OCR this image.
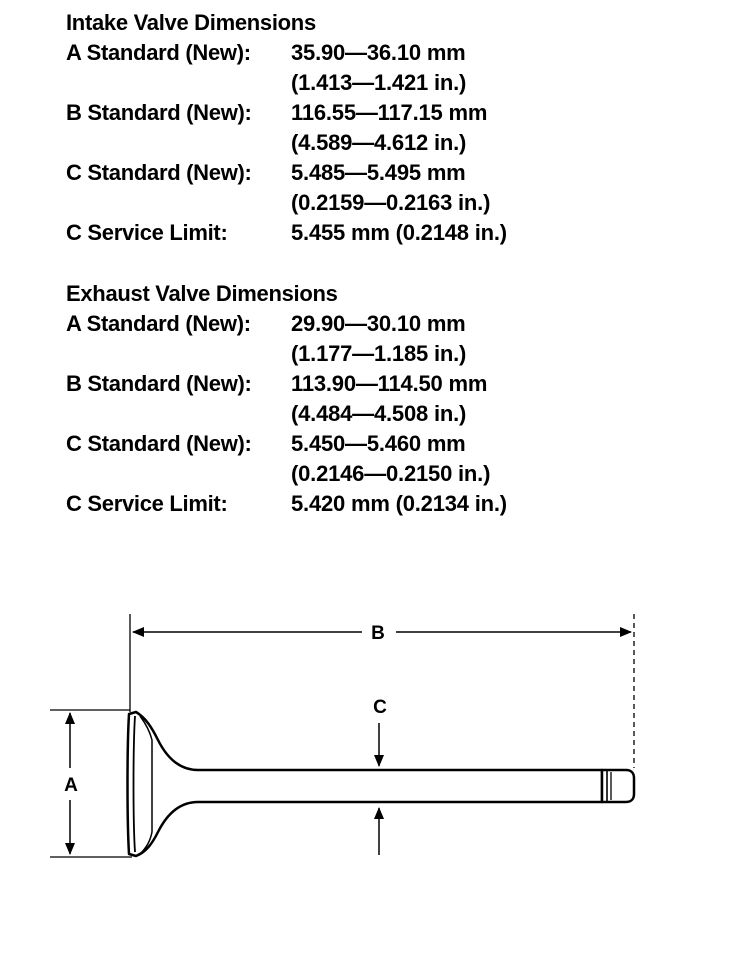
Intake Valve Dimensions
A Standard (New): 35.90—36.10 mm
(1.413—1.421 in.)
B Standard (New): 116.55—117.15 mm
(4.589—4.612 in.)
C Standard (New): 5.485—5.495 mm
(0.2159—0.2163 in.)
C Service Limit:	5.455 mm (0.2148 in.)
Exhaust Valve Dimensions
A Standard (New): 29.90—30.10 mm
(1.177—1.185 in.)
B Standard (New): 113.90—114.50 mm
(4.484—4.508 in.)
C Standard (New): 5.450—5.460 mm
(0.2146—0.2150 in.)
C Service Limit:	5.420 mm (0.2134 in.)
B
A
C
